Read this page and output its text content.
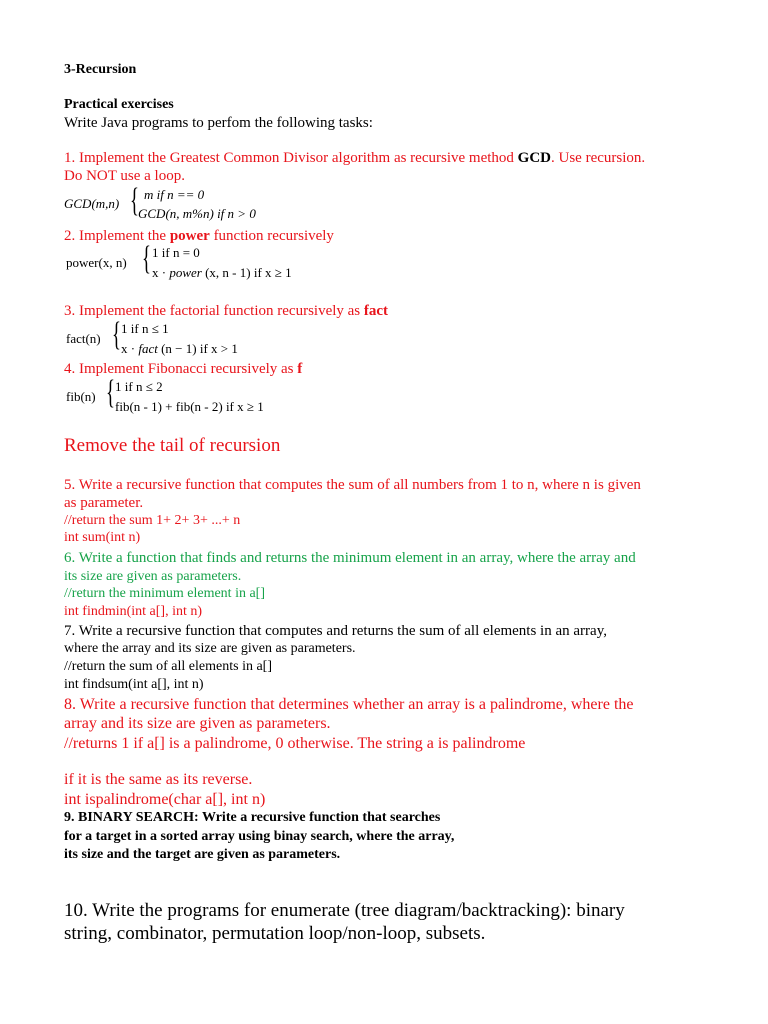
3-Recursion
Practical exercises
Write Java programs to perfom the following tasks:
1. Implement the Greatest Common Divisor algorithm as recursive method GCD. Use recursion.
Do NOT use a loop.
GCD(m,n) { m if n == 0
GCD(n, m%n) if n > 0
2. Implement the power function recursively
power(x, n) { 1 if n = 0
x · power (x, n - 1) if x ≥ 1
3. Implement the factorial function recursively as fact
fact(n) { 1 if n ≤ 1
x · fact (n − 1) if x > 1
4. Implement Fibonacci recursively as f
fib(n) { 1 if n ≤ 2
fib(n - 1) + fib(n - 2) if x ≥ 1
Remove the tail of recursion
5. Write a recursive function that computes the sum of all numbers from 1 to n, where n is given
as parameter.
//return the sum 1+ 2+ 3+ ...+ n
int sum(int n)
6. Write a function that finds and returns the minimum element in an array, where the array and
its size are given as parameters.
//return the minimum element in a[]
int findmin(int a[], int n)
7. Write a recursive function that computes and returns the sum of all elements in an array,
where the array and its size are given as parameters.
//return the sum of all elements in a[]
int findsum(int a[], int n)
8. Write a recursive function that determines whether an array is a palindrome, where the
array and its size are given as parameters.
//returns 1 if a[] is a palindrome, 0 otherwise. The string a is palindrome
if it is the same as its reverse.
int ispalindrome(char a[], int n)
9. BINARY SEARCH: Write a recursive function that searches
for a target in a sorted array using binay search, where the array,
its size and the target are given as parameters.
10. Write the programs for enumerate (tree diagram/backtracking): binary
string, combinator, permutation loop/non-loop, subsets.
